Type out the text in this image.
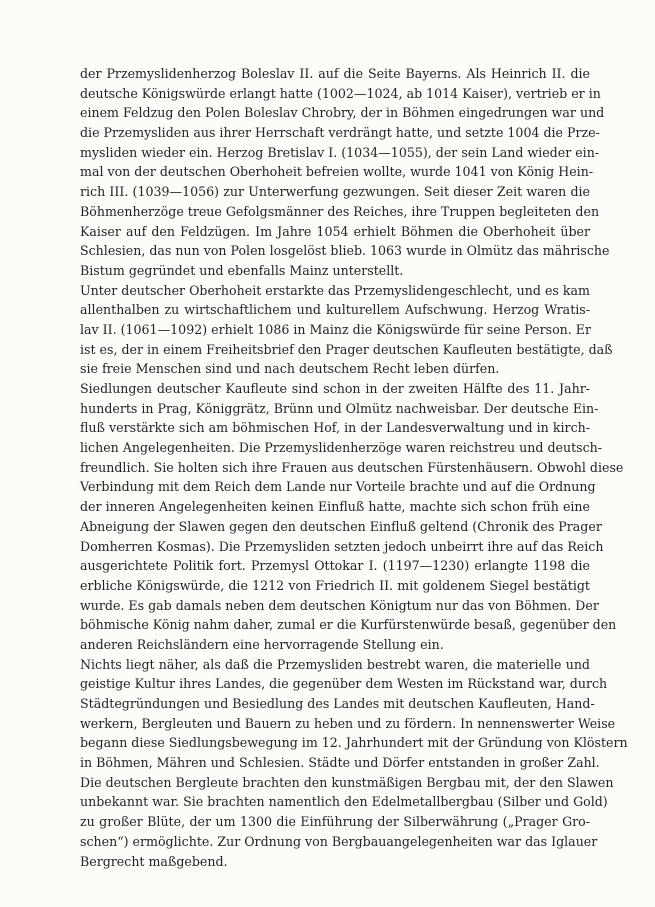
der Przemyslidenherzog Boleslav II. auf die Seite Bayerns. Als Heinrich II. die
deutsche Königswürde erlangt hatte (1002—1024, ab 1014 Kaiser), vertrieb er in
einem Feldzug den Polen Boleslav Chrobry, der in Böhmen eingedrungen war und
die Przemysliden aus ihrer Herrschaft verdrängt hatte, und setzte 1004 die Prze-
mysliden wieder ein. Herzog Bretislav I. (1034—1055), der sein Land wieder ein-
mal von der deutschen Oberhoheit befreien wollte, wurde 1041 von König Hein-
rich III. (1039—1056) zur Unterwerfung gezwungen. Seit dieser Zeit waren die
Böhmenherzöge treue Gefolgsmänner des Reiches, ihre Truppen begleiteten den
Kaiser auf den Feldzügen. Im Jahre 1054 erhielt Böhmen die Oberhoheit über
Schlesien, das nun von Polen losgelöst blieb. 1063 wurde in Olmütz das mährische
Bistum gegründet und ebenfalls Mainz unterstellt.
Unter deutscher Oberhoheit erstarkte das Przemyslidengeschlecht, und es kam
allenthalben zu wirtschaftlichem und kulturellem Aufschwung. Herzog Wratis-
lav II. (1061—1092) erhielt 1086 in Mainz die Königswürde für seine Person. Er
ist es, der in einem Freiheitsbrief den Prager deutschen Kaufleuten bestätigte, daß
sie freie Menschen sind und nach deutschem Recht leben dürfen.
Siedlungen deutscher Kaufleute sind schon in der zweiten Hälfte des 11. Jahr-
hunderts in Prag, Königgrätz, Brünn und Olmütz nachweisbar. Der deutsche Ein-
fluß verstärkte sich am böhmischen Hof, in der Landesverwaltung und in kirch-
lichen Angelegenheiten. Die Przemyslidenherzöge waren reichstreu und deutsch-
freundlich. Sie holten sich ihre Frauen aus deutschen Fürstenhäusern. Obwohl diese
Verbindung mit dem Reich dem Lande nur Vorteile brachte und auf die Ordnung
der inneren Angelegenheiten keinen Einfluß hatte, machte sich schon früh eine
Abneigung der Slawen gegen den deutschen Einfluß geltend (Chronik des Prager
Domherren Kosmas). Die Przemysliden setzten jedoch unbeirrt ihre auf das Reich
ausgerichtete Politik fort. Przemysl Ottokar I. (1197—1230) erlangte 1198 die
erbliche Königswürde, die 1212 von Friedrich II. mit goldenem Siegel bestätigt
wurde. Es gab damals neben dem deutschen Königtum nur das von Böhmen. Der
böhmische König nahm daher, zumal er die Kurfürstenwürde besaß, gegenüber den
anderen Reichsländern eine hervorragende Stellung ein.
Nichts liegt näher, als daß die Przemysliden bestrebt waren, die materielle und
geistige Kultur ihres Landes, die gegenüber dem Westen im Rückstand war, durch
Städtegründungen und Besiedlung des Landes mit deutschen Kaufleuten, Hand-
werkern, Bergleuten und Bauern zu heben und zu fördern. In nennenswerter Weise
begann diese Siedlungsbewegung im 12. Jahrhundert mit der Gründung von Klöstern
in Böhmen, Mähren und Schlesien. Städte und Dörfer entstanden in großer Zahl.
Die deutschen Bergleute brachten den kunstmäßigen Bergbau mit, der den Slawen
unbekannt war. Sie brachten namentlich den Edelmetallbergbau (Silber und Gold)
zu großer Blüte, der um 1300 die Einführung der Silberwährung („Prager Gro-
schen“) ermöglichte. Zur Ordnung von Bergbauangelegenheiten war das Iglauer
Bergrecht maßgebend.
